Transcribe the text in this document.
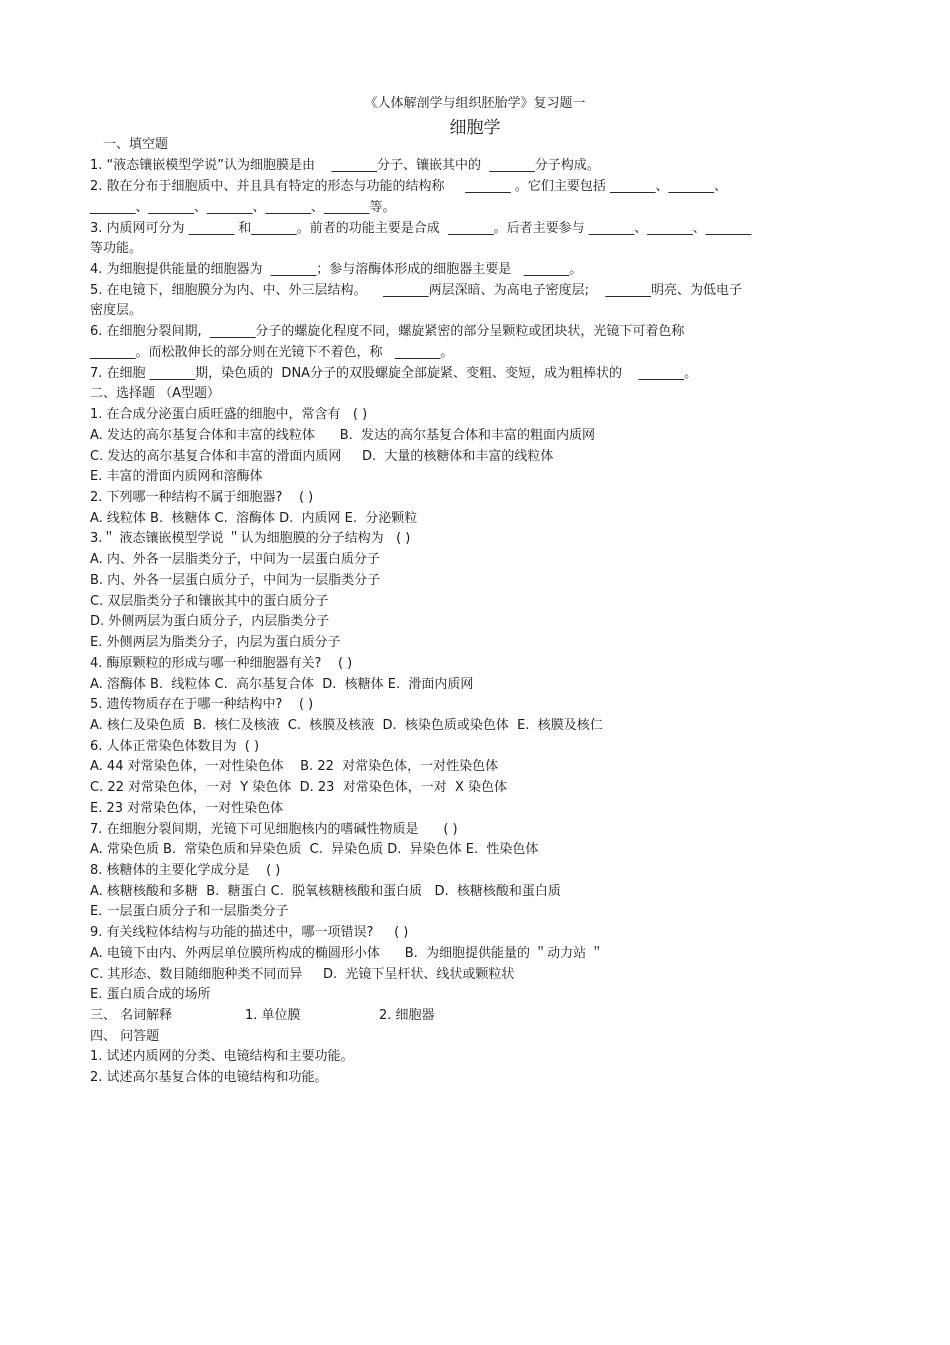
《人体解剖学与组织胚胎学》复习题一
细胞学
一、填空题
1. “液态镶嵌模型学说”认为细胞膜是由    _______分子、镶嵌其中的  _______分子构成。
2. 散在分布于细胞质中、并且具有特定的形态与功能的结构称     _______ 。它们主要包括 _______、_______、
_______、_______、_______、_______、_______等。
3. 内质网可分为 _______ 和_______。前者的功能主要是合成  _______。后者主要参与 _______、_______、_______
等功能。
4. 为细胞提供能量的细胞器为  _______；参与溶酶体形成的细胞器主要是   _______。
5. 在电镜下，细胞膜分为内、中、外三层结构。    _______两层深暗、为高电子密度层;    _______明亮、为低电子
密度层。
6. 在细胞分裂间期,  _______分子的螺旋化程度不同，螺旋紧密的部分呈颗粒或团块状，光镜下可着色称
_______。而松散伸长的部分则在光镜下不着色，称   _______。
7. 在细胞 _______期，染色质的  DNA分子的双股螺旋全部旋紧、变粗、变短，成为粗棒状的    _______。
二、选择题 （A型题）
1. 在合成分泌蛋白质旺盛的细胞中，常含有   ( )
A. 发达的高尔基复合体和丰富的线粒体      B.  发达的高尔基复合体和丰富的粗面内质网
C. 发达的高尔基复合体和丰富的滑面内质网     D.  大量的核糖体和丰富的线粒体
E. 丰富的滑面内质网和溶酶体
2. 下列哪一种结构不属于细胞器?    ( )
A. 线粒体 B.  核糖体 C.  溶酶体 D.  内质网 E.  分泌颗粒
3.＂ 液态镶嵌模型学说 ＂认为细胞膜的分子结构为   ( )
A. 内、外各一层脂类分子，中间为一层蛋白质分子
B. 内、外各一层蛋白质分子，中间为一层脂类分子
C. 双层脂类分子和镶嵌其中的蛋白质分子
D. 外侧两层为蛋白质分子，内层脂类分子
E. 外侧两层为脂类分子，内层为蛋白质分子
4. 酶原颗粒的形成与哪一种细胞器有关?    ( )
A. 溶酶体 B.  线粒体 C.  高尔基复合体  D.  核糖体 E.  滑面内质网
5. 遗传物质存在于哪一种结构中?    ( )
A. 核仁及染色质  B.  核仁及核液  C.  核膜及核液  D.  核染色质或染色体  E.  核膜及核仁
6. 人体正常染色体数目为  ( )
A. 44 对常染色体，一对性染色体    B. 22  对常染色体，一对性染色体
C. 22 对常染色体，一对  Y 染色体  D. 23  对常染色体，一对  X 染色体
E. 23 对常染色体，一对性染色体
7. 在细胞分裂间期，光镜下可见细胞核内的嗜碱性物质是      ( )
A. 常染色质 B.  常染色质和异染色质  C.  异染色质 D.  异染色体 E.  性染色体
8. 核糖体的主要化学成分是    ( )
A. 核糖核酸和多糖  B.  糖蛋白 C.  脱氧核糖核酸和蛋白质   D.  核糖核酸和蛋白质
E. 一层蛋白质分子和一层脂类分子
9. 有关线粒体结构与功能的描述中，哪一项错误?     ( )
A. 电镜下由内、外两层单位膜所构成的椭圆形小体      B.  为细胞提供能量的 ＂动力站 ＂
C. 其形态、数目随细胞种类不同而异     D.  光镜下呈杆状、线状或颗粒状
E. 蛋白质合成的场所
三、 名词解释	1. 单位膜	2. 细胞器
四、 问答题
1. 试述内质网的分类、电镜结构和主要功能。
2. 试述高尔基复合体的电镜结构和功能。
